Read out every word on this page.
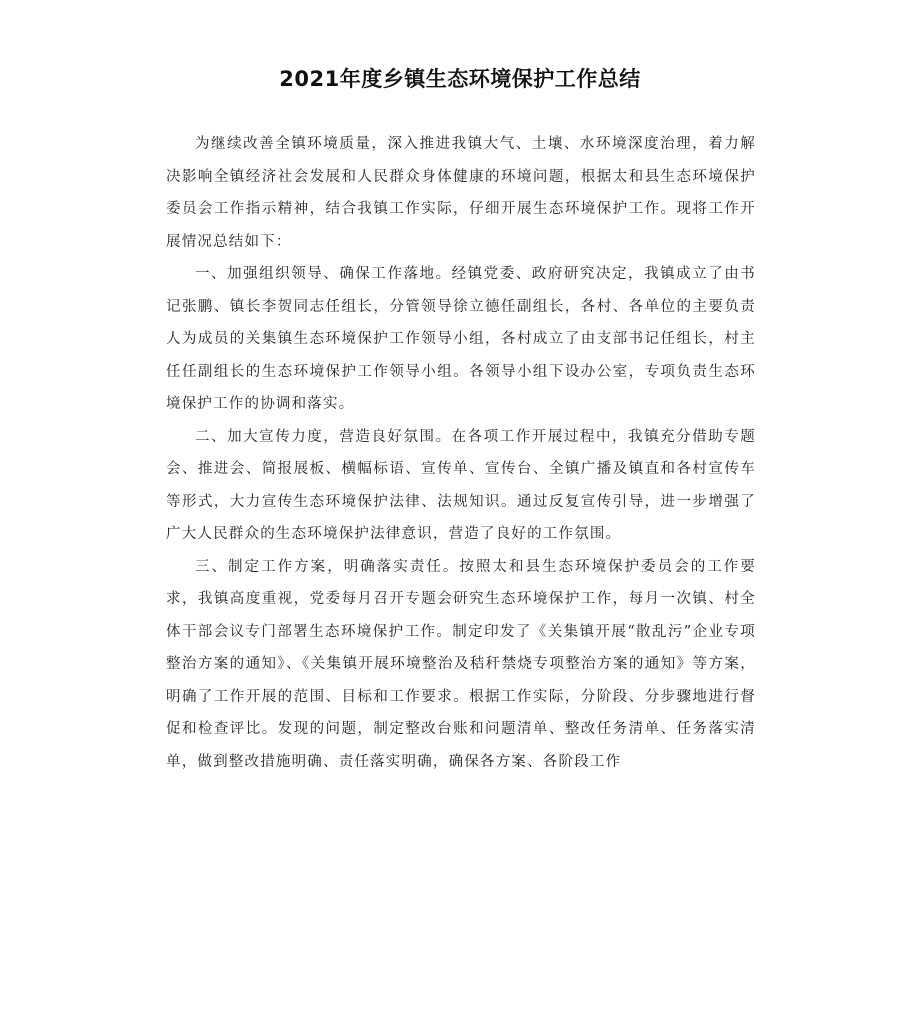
2021年度乡镇生态环境保护工作总结

为继续改善全镇环境质量，深入推进我镇大气、土壤、水环境深度治理，着力解决影响全镇经济社会发展和人民群众身体健康的环境问题，根据太和县生态环境保护委员会工作指示精神，结合我镇工作实际，仔细开展生态环境保护工作。现将工作开展情况总结如下：

一、加强组织领导、确保工作落地。经镇党委、政府研究决定，我镇成立了由书记张鹏、镇长李贺同志任组长，分管领导徐立德任副组长，各村、各单位的主要负责人为成员的关集镇生态环境保护工作领导小组，各村成立了由支部书记任组长，村主任任副组长的生态环境保护工作领导小组。各领导小组下设办公室，专项负责生态环境保护工作的协调和落实。

二、加大宣传力度，营造良好氛围。在各项工作开展过程中，我镇充分借助专题会、推进会、简报展板、横幅标语、宣传单、宣传台、全镇广播及镇直和各村宣传车等形式，大力宣传生态环境保护法律、法规知识。通过反复宣传引导，进一步增强了广大人民群众的生态环境保护法律意识，营造了良好的工作氛围。

三、制定工作方案，明确落实责任。按照太和县生态环境保护委员会的工作要求，我镇高度重视，党委每月召开专题会研究生态环境保护工作，每月一次镇、村全体干部会议专门部署生态环境保护工作。制定印发了《关集镇开展“散乱污”企业专项整治方案的通知》、《关集镇开展环境整治及秸秆禁烧专项整治方案的通知》等方案，明确了工作开展的范围、目标和工作要求。根据工作实际，分阶段、分步骤地进行督促和检查评比。发现的问题，制定整改台账和问题清单、整改任务清单、任务落实清单，做到整改措施明确、责任落实明确，确保各方案、各阶段工作
